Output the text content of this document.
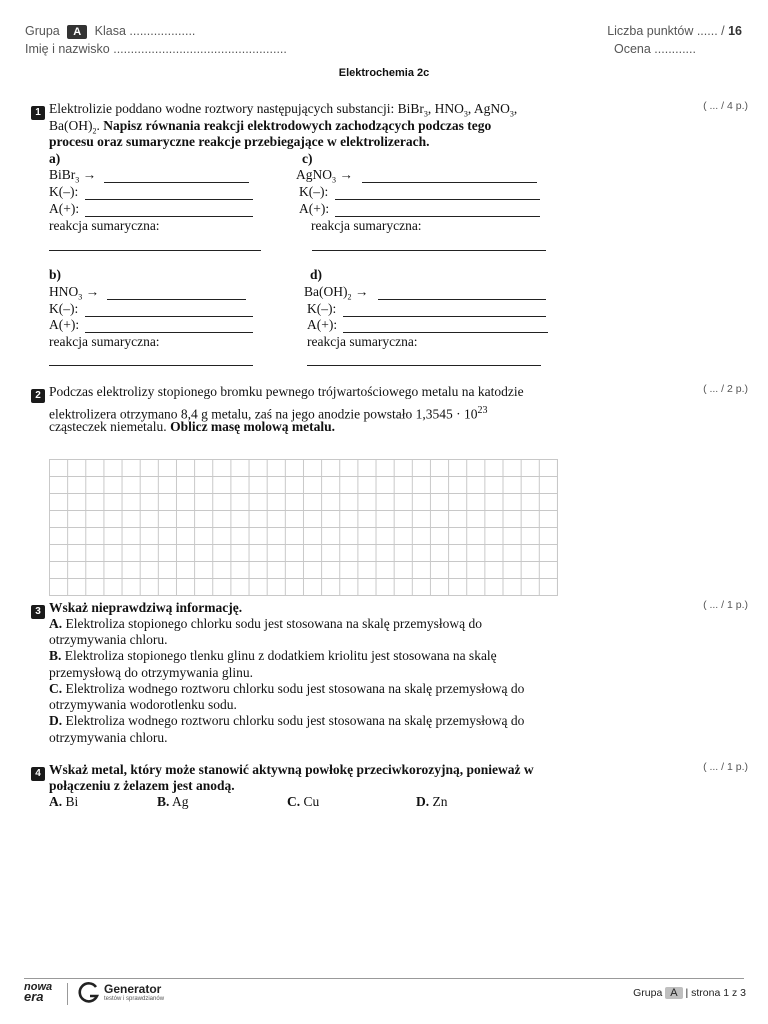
Grupa A Klasa ...................
Imię i nazwisko ..................................................
Liczba punktów ...... / 16
Ocena ............
Elektrochemia 2c
1
( ... / 4 p.)
Elektrolizie poddano wodne roztwory następujących substancji: BiBr$_3$, $HNO_3$, AgNO$_3$,
$Ba(OH)_2$. Napisz równania reakcji elektrodowych zachodzących podczas tego
procesu oraz sumaryczne reakcje przebiegające w elektrolizerach.
a)
BiBr$_3$ →
K(–):
A(+):
reakcja sumaryczna:
c)
AgNO$_3$ →
K(–):
A(+):
reakcja sumaryczna:
b)
$HNO_3$ →
K(–):
A(+):
reakcja sumaryczna:
d)
$Ba(OH)_2$ →
K(–):
A(+):
reakcja sumaryczna:
2
( ... / 2 p.)
Podczas elektrolizy stopionego bromku pewnego trójwartościowego metalu na katodzie
elektrolizera otrzymano 8,4 g metalu, zaś na jego anodzie powstało $1,3545 \cdot 10^{23}$
cząsteczek niemetalu. Oblicz masę molową metalu.
3
( ... / 1 p.)
Wskaż nieprawdziwą informację.
A. Elektroliza stopionego chlorku sodu jest stosowana na skalę przemysłową do
otrzymywania chloru.
B. Elektroliza stopionego tlenku glinu z dodatkiem kriolitu jest stosowana na skalę
przemysłową do otrzymywania glinu.
C. Elektroliza wodnego roztworu chlorku sodu jest stosowana na skalę przemysłową do
otrzymywania wodorotlenku sodu.
D. Elektroliza wodnego roztworu chlorku sodu jest stosowana na skalę przemysłową do
otrzymywania chloru.
4
( ... / 1 p.)
Wskaż metal, który może stanowić aktywną powłokę przeciwkorozyjną, ponieważ w
połączeniu z żelazem jest anodą.
A. Bi	B. Ag	C. Cu	D. Zn
nowa
era	Generator
testów i sprawdzianów	Grupa A | strona 1 z 3
